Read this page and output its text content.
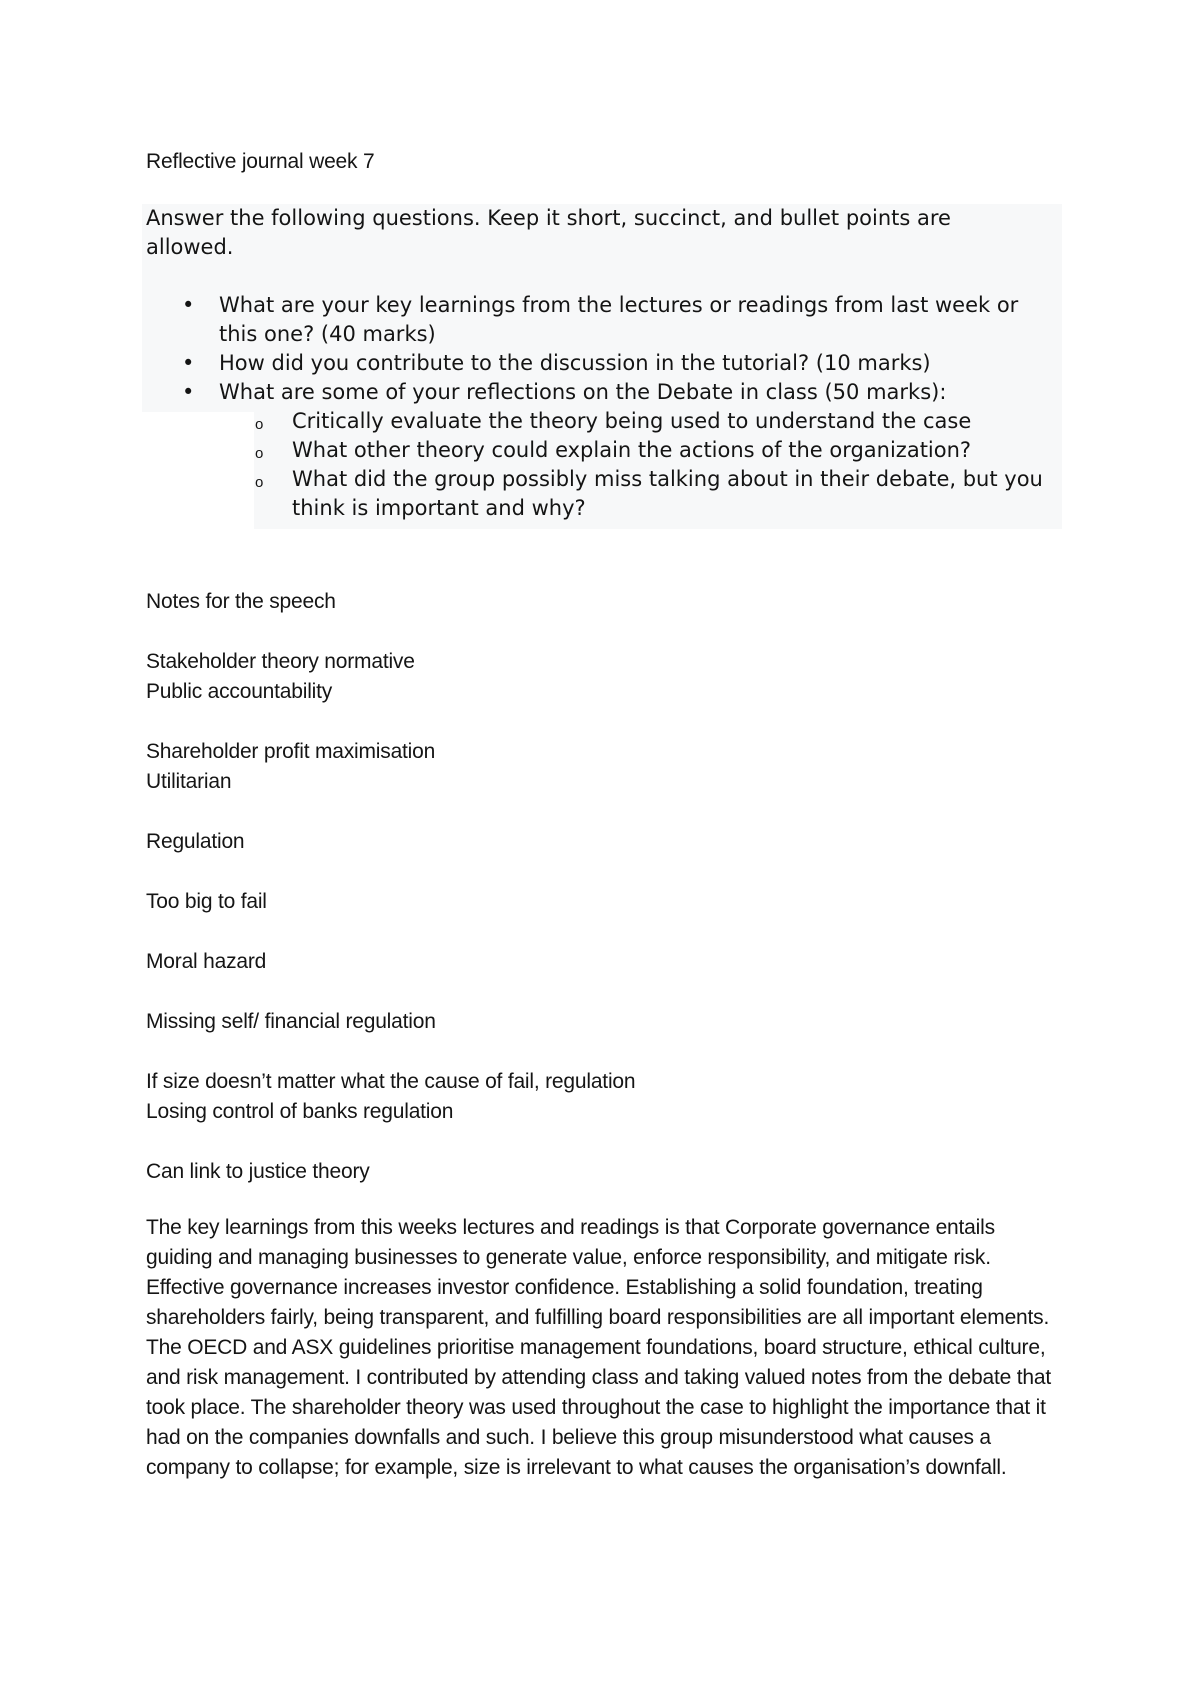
Reflective journal week 7

Answer the following questions. Keep it short, succinct, and bullet points are allowed.

• What are your key learnings from the lectures or readings from last week or this one? (40 marks)
• How did you contribute to the discussion in the tutorial? (10 marks)
• What are some of your reflections on the Debate in class (50 marks):
o Critically evaluate the theory being used to understand the case
o What other theory could explain the actions of the organization?
o What did the group possibly miss talking about in their debate, but you think is important and why?

Notes for the speech

Stakeholder theory normative

Public accountability

Shareholder profit maximisation

Utilitarian

Regulation

Too big to fail

Moral hazard

Missing self/ financial regulation

If size doesn’t matter what the cause of fail, regulation

Losing control of banks regulation

Can link to justice theory

The key learnings from this weeks lectures and readings is that Corporate governance entails guiding and managing businesses to generate value, enforce responsibility, and mitigate risk. Effective governance increases investor confidence. Establishing a solid foundation, treating shareholders fairly, being transparent, and fulfilling board responsibilities are all important elements. The OECD and ASX guidelines prioritise management foundations, board structure, ethical culture, and risk management. I contributed by attending class and taking valued notes from the debate that took place. The shareholder theory was used throughout the case to highlight the importance that it had on the companies downfalls and such. I believe this group misunderstood what causes a company to collapse; for example, size is irrelevant to what causes the organisation’s downfall.
